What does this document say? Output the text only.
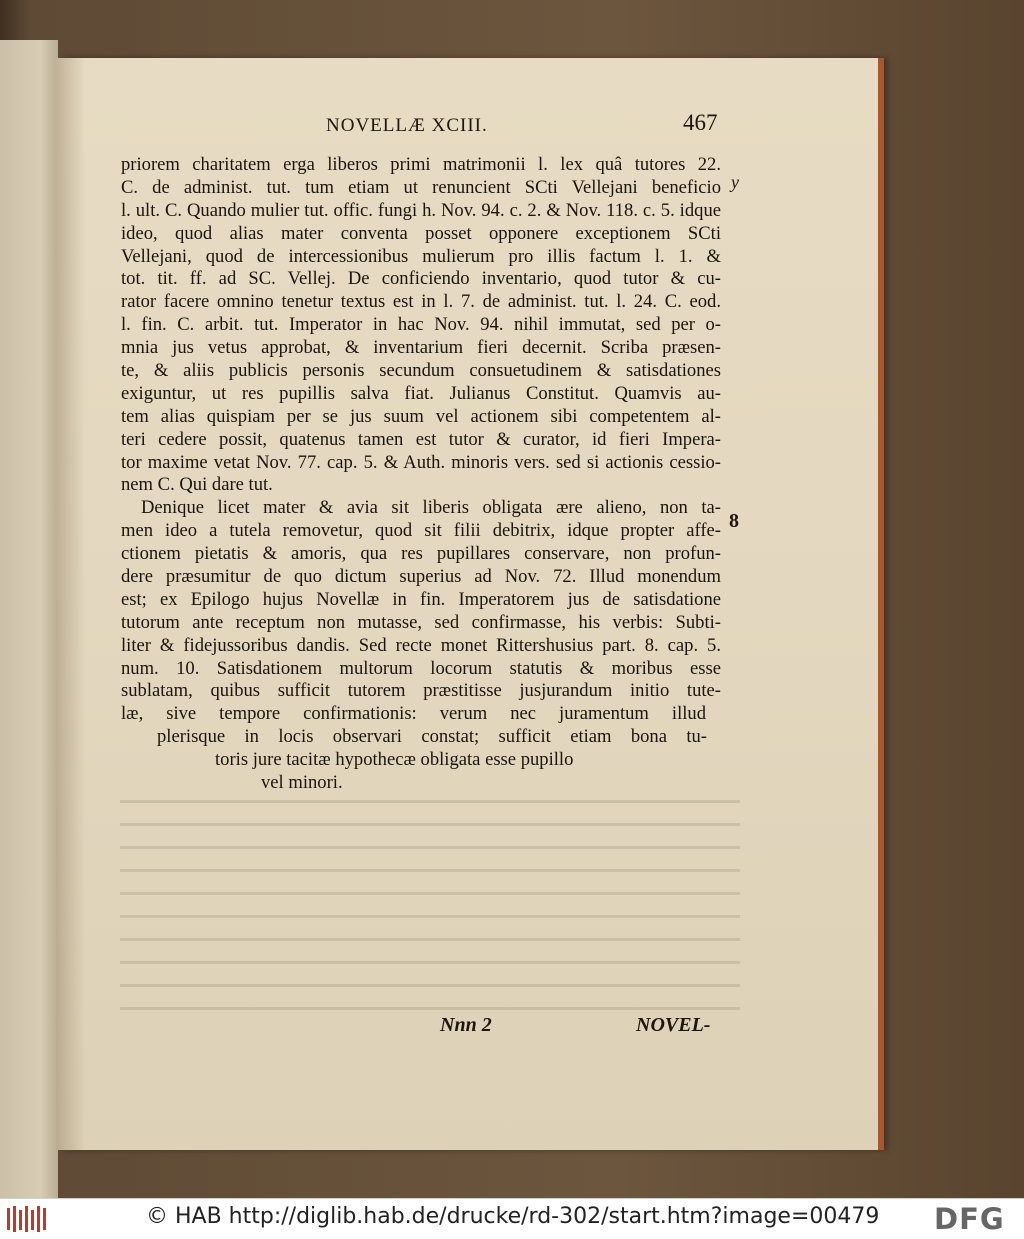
NOVELLÆ XCIII.	467
priorem charitatem erga liberos primi matrimonii l. lex quâ tutores 22.
C. de administ. tut. tum etiam ut renuncient SCti Vellejani beneficio
l. ult. C. Quando mulier tut. offic. fungi h. Nov. 94. c. 2. & Nov. 118. c. 5. idque
ideo, quod alias mater conventa posset opponere exceptionem SCti
Vellejani, quod de intercessionibus mulierum pro illis factum l. 1. &
tot. tit. ff. ad SC. Vellej. De conficiendo inventario, quod tutor & cu-
rator facere omnino tenetur textus est in l. 7. de administ. tut. l. 24. C. eod.
l. fin. C. arbit. tut. Imperator in hac Nov. 94. nihil immutat, sed per o-
mnia jus vetus approbat, & inventarium fieri decernit. Scriba præsen-
te, & aliis publicis personis secundum consuetudinem & satisdationes
exiguntur, ut res pupillis salva fiat. Julianus Constitut. Quamvis au-
tem alias quispiam per se jus suum vel actionem sibi competentem al-
teri cedere possit, quatenus tamen est tutor & curator, id fieri Impera-
tor maxime vetat Nov. 77. cap. 5. & Auth. minoris vers. sed si actionis cessio-
nem C. Qui dare tut.
Denique licet mater & avia sit liberis obligata ære alieno, non ta-
men ideo a tutela removetur, quod sit filii debitrix, idque propter affe-
ctionem pietatis & amoris, qua res pupillares conservare, non profun-
dere præsumitur de quo dictum superius ad Nov. 72. Illud monendum
est; ex Epilogo hujus Novellæ in fin. Imperatorem jus de satisdatione
tutorum ante receptum non mutasse, sed confirmasse, his verbis: Subti-
liter & fidejussoribus dandis. Sed recte monet Rittershusius part. 8. cap. 5.
num. 10. Satisdationem multorum locorum statutis & moribus esse
sublatam, quibus sufficit tutorem præstitisse jusjurandum initio tute-
læ, sive tempore confirmationis: verum nec juramentum illud
plerisque in locis observari constat; sufficit etiam bona tu-
toris jure tacitæ hypothecæ obligata esse pupillo
vel minori.
y
8
Nnn 2	NOVEL-
© HAB http://diglib.hab.de/drucke/rd-302/start.htm?image=00479 DFG
